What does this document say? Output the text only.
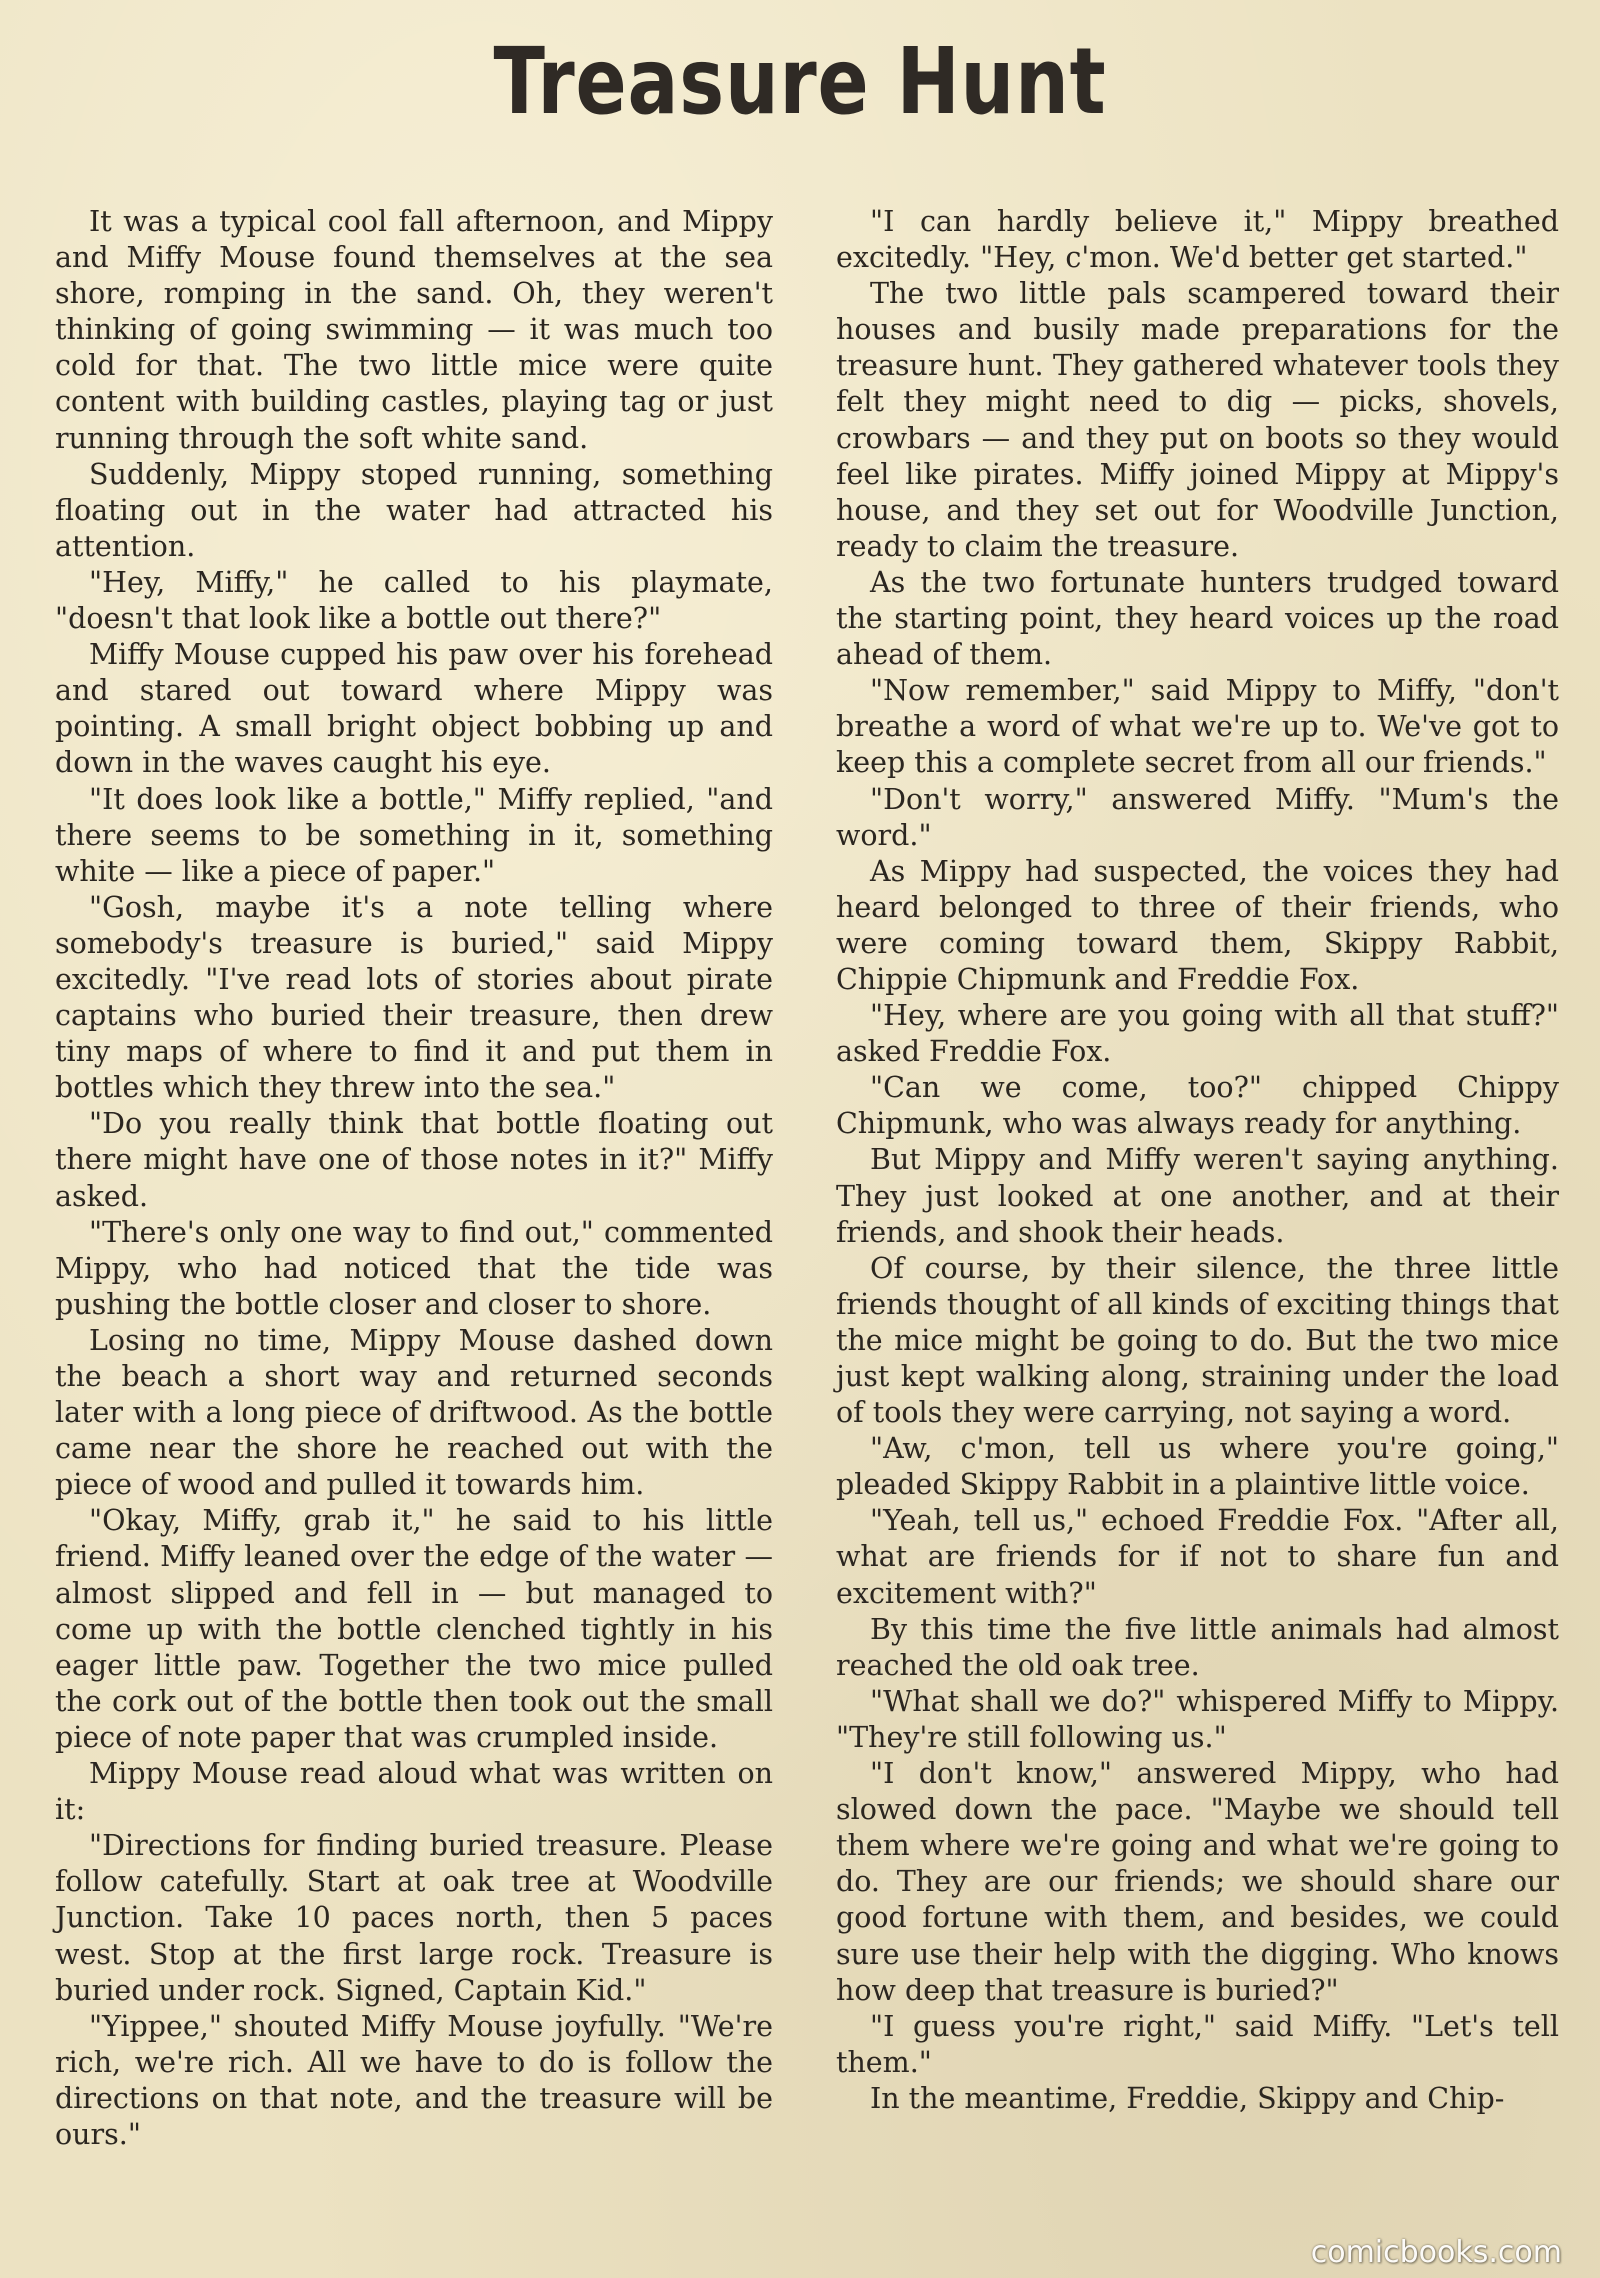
Treasure Hunt

It was a typical cool fall afternoon, and Mippy and Miffy Mouse found themselves at the sea shore, romping in the sand. Oh, they weren't thinking of going swimming — it was much too cold for that. The two little mice were quite content with building castles, playing tag or just running through the soft white sand.

Suddenly, Mippy stoped running, something floating out in the water had attracted his attention.

"Hey, Miffy," he called to his playmate, "doesn't that look like a bottle out there?"

Miffy Mouse cupped his paw over his forehead and stared out toward where Mippy was pointing. A small bright object bobbing up and down in the waves caught his eye.

"It does look like a bottle," Miffy replied, "and there seems to be something in it, something white — like a piece of paper."

"Gosh, maybe it's a note telling where somebody's treasure is buried," said Mippy excitedly. "I've read lots of stories about pirate captains who buried their treasure, then drew tiny maps of where to find it and put them in bottles which they threw into the sea."

"Do you really think that bottle floating out there might have one of those notes in it?" Miffy asked.

"There's only one way to find out," commented Mippy, who had noticed that the tide was pushing the bottle closer and closer to shore.

Losing no time, Mippy Mouse dashed down the beach a short way and returned seconds later with a long piece of driftwood. As the bottle came near the shore he reached out with the piece of wood and pulled it towards him.

"Okay, Miffy, grab it," he said to his little friend. Miffy leaned over the edge of the water — almost slipped and fell in — but managed to come up with the bottle clenched tightly in his eager little paw. Together the two mice pulled the cork out of the bottle then took out the small piece of note paper that was crumpled inside.

Mippy Mouse read aloud what was written on it:

"Directions for finding buried treasure. Please follow catefully. Start at oak tree at Woodville Junction. Take 10 paces north, then 5 paces west. Stop at the first large rock. Treasure is buried under rock. Signed, Captain Kid."

"Yippee," shouted Miffy Mouse joyfully. "We're rich, we're rich. All we have to do is follow the directions on that note, and the treasure will be ours."

"I can hardly believe it," Mippy breathed excitedly. "Hey, c'mon. We'd better get started."

The two little pals scampered toward their houses and busily made preparations for the treasure hunt. They gathered whatever tools they felt they might need to dig — picks, shovels, crowbars — and they put on boots so they would feel like pirates. Miffy joined Mippy at Mippy's house, and they set out for Woodville Junction, ready to claim the treasure.

As the two fortunate hunters trudged toward the starting point, they heard voices up the road ahead of them.

"Now remember," said Mippy to Miffy, "don't breathe a word of what we're up to. We've got to keep this a complete secret from all our friends."

"Don't worry," answered Miffy. "Mum's the word."

As Mippy had suspected, the voices they had heard belonged to three of their friends, who were coming toward them, Skippy Rabbit, Chippie Chipmunk and Freddie Fox.

"Hey, where are you going with all that stuff?" asked Freddie Fox.

"Can we come, too?" chipped Chippy Chipmunk, who was always ready for anything.

But Mippy and Miffy weren't saying anything. They just looked at one another, and at their friends, and shook their heads.

Of course, by their silence, the three little friends thought of all kinds of exciting things that the mice might be going to do. But the two mice just kept walking along, straining under the load of tools they were carrying, not saying a word.

"Aw, c'mon, tell us where you're going," pleaded Skippy Rabbit in a plaintive little voice.

"Yeah, tell us," echoed Freddie Fox. "After all, what are friends for if not to share fun and excitement with?"

By this time the five little animals had almost reached the old oak tree.

"What shall we do?" whispered Miffy to Mippy. "They're still following us."

"I don't know," answered Mippy, who had slowed down the pace. "Maybe we should tell them where we're going and what we're going to do. They are our friends; we should share our good fortune with them, and besides, we could sure use their help with the digging. Who knows how deep that treasure is buried?"

"I guess you're right," said Miffy. "Let's tell them."

In the meantime, Freddie, Skippy and Chip-

comicbooks.com
